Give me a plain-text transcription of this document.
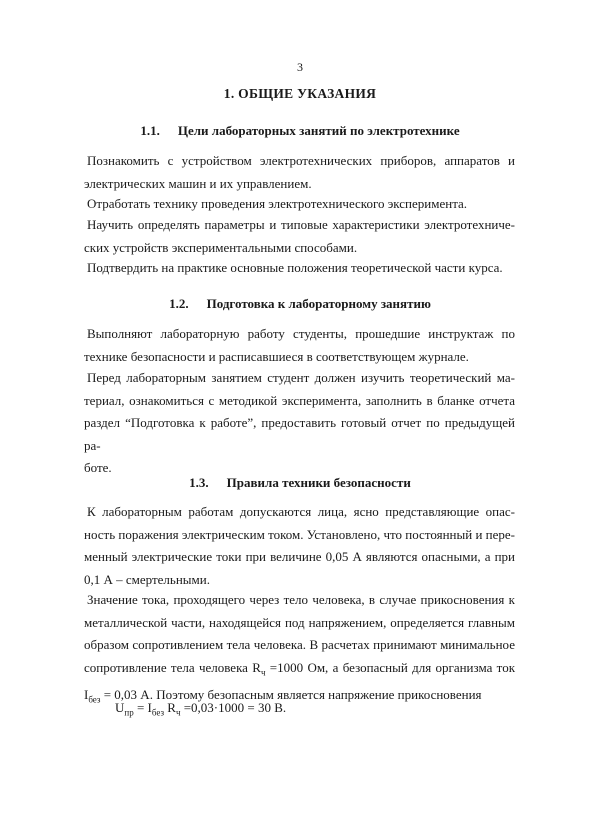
3
1. ОБЩИЕ УКАЗАНИЯ
1.1. Цели лабораторных занятий по электротехнике
Познакомить с устройством электротехнических приборов, аппаратов и
электрических машин и их управлением.
Отработать технику проведения электротехнического эксперимента.
Научить определять параметры и типовые характеристики электротехниче-
ских устройств экспериментальными способами.
Подтвердить на практике основные положения теоретической части курса.
1.2. Подготовка к лабораторному занятию
Выполняют лабораторную работу студенты, прошедшие инструктаж по
технике безопасности и расписавшиеся в соответствующем журнале.
Перед лабораторным занятием студент должен изучить теоретический ма-
териал, ознакомиться с методикой эксперимента, заполнить в бланке отчета
раздел “Подготовка к работе”, предоставить готовый отчет по предыдущей ра-
боте.
1.3. Правила техники безопасности
К лабораторным работам допускаются лица, ясно представляющие опас-
ность поражения электрическим током. Установлено, что постоянный и пере-
менный электрические токи при величине 0,05 А являются опасными, а при
0,1 А – смертельными.
Значение тока, проходящего через тело человека, в случае прикосновения к
металлической части, находящейся под напряжением, определяется главным
образом сопротивлением тела человека. В расчетах принимают минимальное
сопротивление тела человека $R_ч =1000$ Ом, а безопасный для организма ток
$I_{без} = 0,03$ А. Поэтому безопасным является напряжение прикосновения
$U_{пр} = I_{без}$ $R_ч =0,03\cdot 1000 = 30$ В.
